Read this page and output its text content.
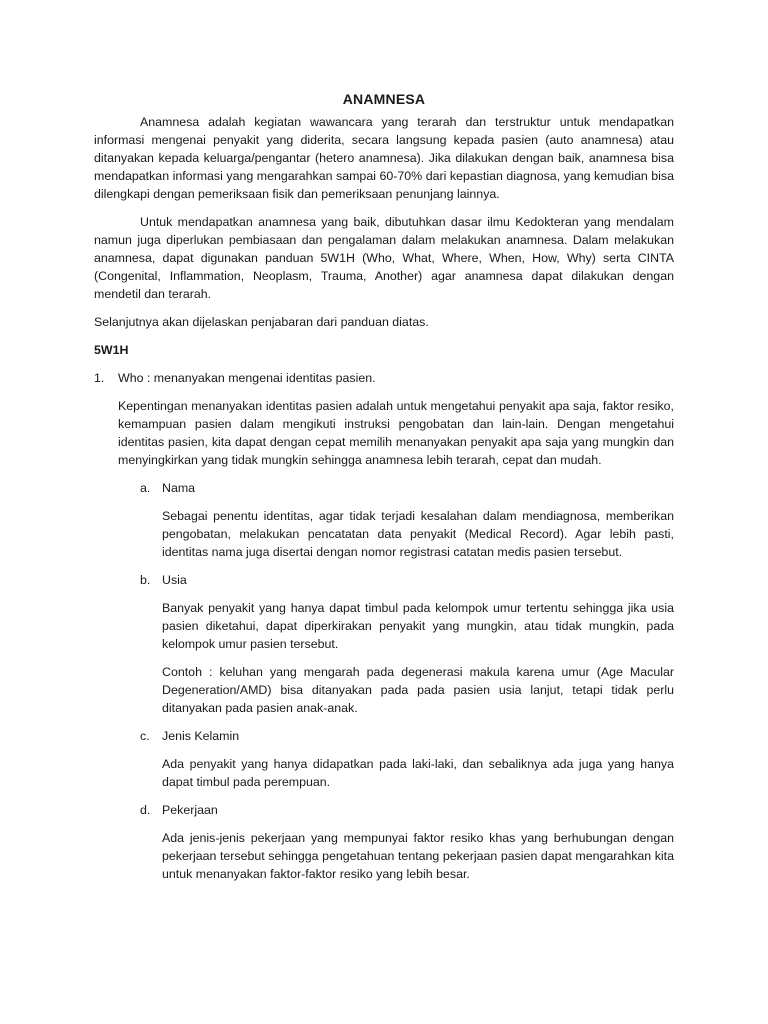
ANAMNESA

Anamnesa adalah kegiatan wawancara yang terarah dan terstruktur untuk mendapatkan informasi mengenai penyakit yang diderita, secara langsung kepada pasien (auto anamnesa) atau ditanyakan kepada keluarga/pengantar (hetero anamnesa). Jika dilakukan dengan baik, anamnesa bisa mendapatkan informasi yang mengarahkan sampai 60-70% dari kepastian diagnosa, yang kemudian bisa dilengkapi dengan pemeriksaan fisik dan pemeriksaan penunjang lainnya.

Untuk mendapatkan anamnesa yang baik, dibutuhkan dasar ilmu Kedokteran yang mendalam namun juga diperlukan pembiasaan dan pengalaman dalam melakukan anamnesa. Dalam melakukan anamnesa, dapat digunakan panduan 5W1H (Who, What, Where, When, How, Why) serta CINTA (Congenital, Inflammation, Neoplasm, Trauma, Another) agar anamnesa dapat dilakukan dengan mendetil dan terarah.

Selanjutnya akan dijelaskan penjabaran dari panduan diatas.

5W1H

1.	Who : menanyakan mengenai identitas pasien.

Kepentingan menanyakan identitas pasien adalah untuk mengetahui penyakit apa saja, faktor resiko, kemampuan pasien dalam mengikuti instruksi pengobatan dan lain-lain. Dengan mengetahui identitas pasien, kita dapat dengan cepat memilih menanyakan penyakit apa saja yang mungkin dan menyingkirkan yang tidak mungkin sehingga anamnesa lebih terarah, cepat dan mudah.

a. Nama

Sebagai penentu identitas, agar tidak terjadi kesalahan dalam mendiagnosa, memberikan pengobatan, melakukan pencatatan data penyakit (Medical Record). Agar lebih pasti, identitas nama juga disertai dengan nomor registrasi catatan medis pasien tersebut.

b. Usia

Banyak penyakit yang hanya dapat timbul pada kelompok umur tertentu sehingga jika usia pasien diketahui, dapat diperkirakan penyakit yang mungkin, atau tidak mungkin, pada kelompok umur pasien tersebut.

Contoh : keluhan yang mengarah pada degenerasi makula karena umur (Age Macular Degeneration/AMD) bisa ditanyakan pada pada pasien usia lanjut, tetapi tidak perlu ditanyakan pada pasien anak-anak.

c. Jenis Kelamin

Ada penyakit yang hanya didapatkan pada laki-laki, dan sebaliknya ada juga yang hanya dapat timbul pada perempuan.

d. Pekerjaan

Ada jenis-jenis pekerjaan yang mempunyai faktor resiko khas yang berhubungan dengan pekerjaan tersebut sehingga pengetahuan tentang pekerjaan pasien dapat mengarahkan kita untuk menanyakan faktor-faktor resiko yang lebih besar.
